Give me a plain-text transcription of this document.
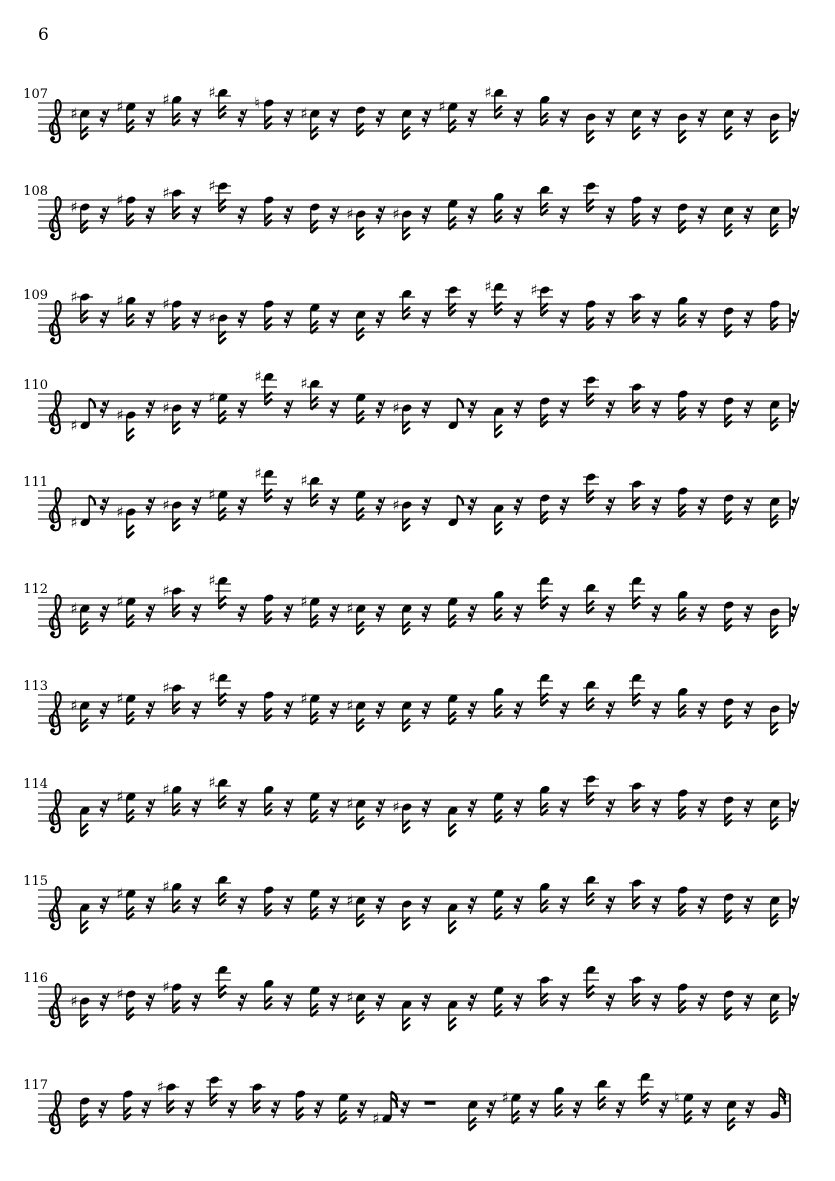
6
107
♯	♯	♯	♯
♮
♯	♯
♯
108
♯	♯	♯	♯
♯	♯
109 ♯	♯	♯
♯
♯	♯
110
♯
♯	♯
♯
♯	♯
♯
111
♯
♯	♯
♯
♯	♯
♯
112
♯	♯
♯
♯
♯	♯
113
♯	♯
♯
♯
♯	♯
114
♯	♯	♯
♯	♯
115
♯	♯
♯
116
♯	♯	♯
♯
117	♯
♯
♯	♮
